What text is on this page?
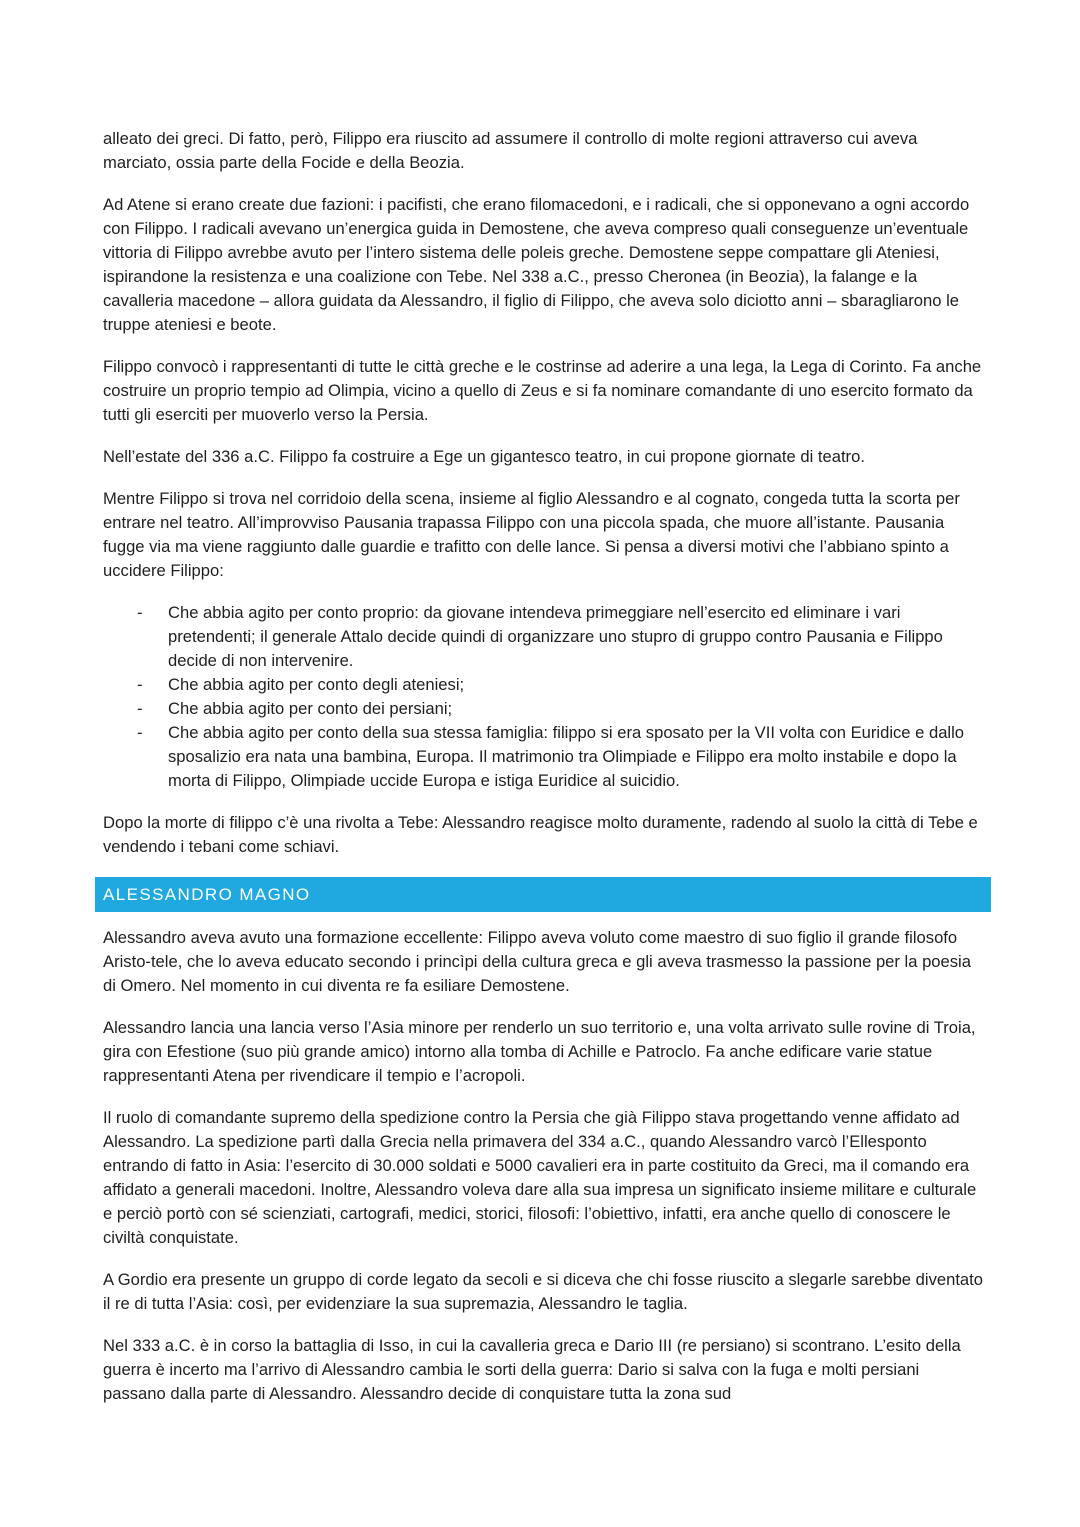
alleato dei greci. Di fatto, però, Filippo era riuscito ad assumere il controllo di molte regioni attraverso cui aveva marciato, ossia parte della Focide e della Beozia.

Ad Atene si erano create due fazioni: i pacifisti, che erano filomacedoni, e i radicali, che si opponevano a ogni accordo con Filippo. I radicali avevano un’energica guida in Demostene, che aveva compreso quali conseguenze un’eventuale vittoria di Filippo avrebbe avuto per l’intero sistema delle poleis greche. Demostene seppe compattare gli Ateniesi, ispirandone la resistenza e una coalizione con Tebe. Nel 338 a.C., presso Cheronea (in Beozia), la falange e la cavalleria macedone – allora guidata da Alessandro, il figlio di Filippo, che aveva solo diciotto anni – sbaragliarono le truppe ateniesi e beote.

Filippo convocò i rappresentanti di tutte le città greche e le costrinse ad aderire a una lega, la Lega di Corinto. Fa anche costruire un proprio tempio ad Olimpia, vicino a quello di Zeus e si fa nominare comandante di uno esercito formato da tutti gli eserciti per muoverlo verso la Persia.

Nell’estate del 336 a.C. Filippo fa costruire a Ege un gigantesco teatro, in cui propone giornate di teatro.

Mentre Filippo si trova nel corridoio della scena, insieme al figlio Alessandro e al cognato, congeda tutta la scorta per entrare nel teatro. All’improvviso Pausania trapassa Filippo con una piccola spada, che muore all’istante. Pausania fugge via ma viene raggiunto dalle guardie e trafitto con delle lance. Si pensa a diversi motivi che l’abbiano spinto a uccidere Filippo:

- Che abbia agito per conto proprio: da giovane intendeva primeggiare nell’esercito ed eliminare i vari pretendenti; il generale Attalo decide quindi di organizzare uno stupro di gruppo contro Pausania e Filippo decide di non intervenire.
- Che abbia agito per conto degli ateniesi;
- Che abbia agito per conto dei persiani;
- Che abbia agito per conto della sua stessa famiglia: filippo si era sposato per la VII volta con Euridice e dallo sposalizio era nata una bambina, Europa. Il matrimonio tra Olimpiade e Filippo era molto instabile e dopo la morta di Filippo, Olimpiade uccide Europa e istiga Euridice al suicidio.

Dopo la morte di filippo c’è una rivolta a Tebe: Alessandro reagisce molto duramente, radendo al suolo la città di Tebe e vendendo i tebani come schiavi.

ALESSANDRO MAGNO

Alessandro aveva avuto una formazione eccellente: Filippo aveva voluto come maestro di suo figlio il grande filosofo Aristo-tele, che lo aveva educato secondo i princìpi della cultura greca e gli aveva trasmesso la passione per la poesia di Omero. Nel momento in cui diventa re fa esiliare Demostene.

Alessandro lancia una lancia verso l’Asia minore per renderlo un suo territorio e, una volta arrivato sulle rovine di Troia, gira con Efestione (suo più grande amico) intorno alla tomba di Achille e Patroclo. Fa anche edificare varie statue rappresentanti Atena per rivendicare il tempio e l’acropoli.

Il ruolo di comandante supremo della spedizione contro la Persia che già Filippo stava progettando venne affidato ad Alessandro. La spedizione partì dalla Grecia nella primavera del 334 a.C., quando Alessandro varcò l’Ellesponto entrando di fatto in Asia: l’esercito di 30.000 soldati e 5000 cavalieri era in parte costituito da Greci, ma il comando era affidato a generali macedoni. Inoltre, Alessandro voleva dare alla sua impresa un significato insieme militare e culturale e perciò portò con sé scienziati, cartografi, medici, storici, filosofi: l’obiettivo, infatti, era anche quello di conoscere le civiltà conquistate.

A Gordio era presente un gruppo di corde legato da secoli e si diceva che chi fosse riuscito a slegarle sarebbe diventato il re di tutta l’Asia: così, per evidenziare la sua supremazia, Alessandro le taglia.

Nel 333 a.C. è in corso la battaglia di Isso, in cui la cavalleria greca e Dario III (re persiano) si scontrano. L’esito della guerra è incerto ma l’arrivo di Alessandro cambia le sorti della guerra: Dario si salva con la fuga e molti persiani passano dalla parte di Alessandro. Alessandro decide di conquistare tutta la zona sud
